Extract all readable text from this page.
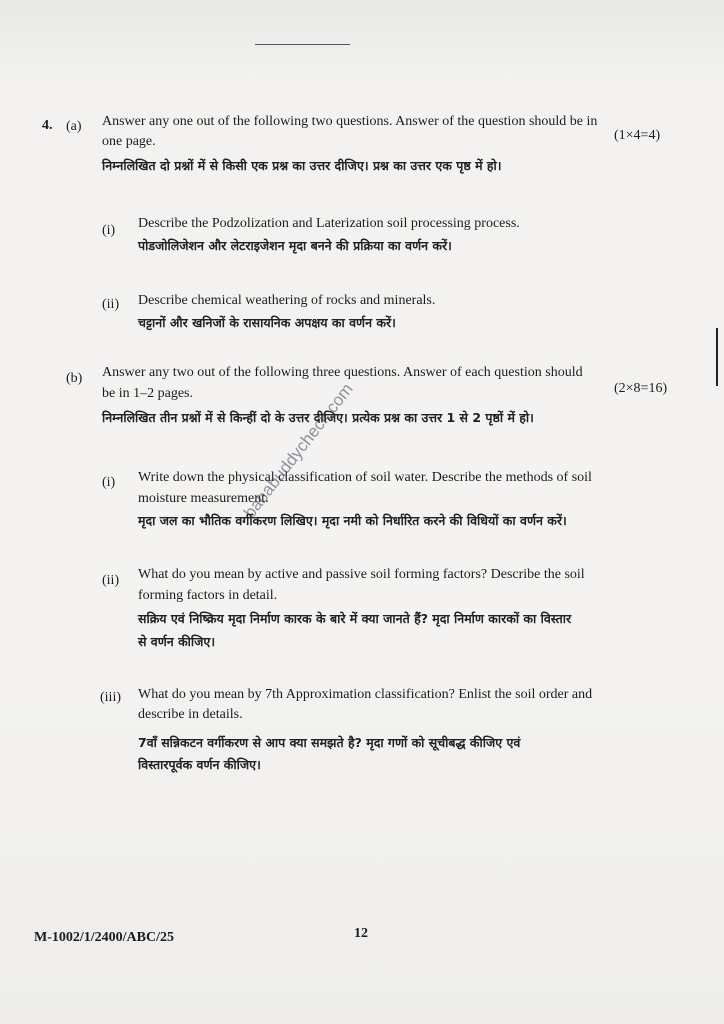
4. (a) Answer any one out of the following two questions. Answer of the question should be in
one page.	(1×4=4)
निम्नलिखित दो प्रश्नों में से किसी एक प्रश्न का उत्तर दीजिए। प्रश्न का उत्तर एक पृष्ठ में हो।
(i) Describe the Podzolization and Laterization soil processing process.
पोडजोलिजेशन और लेटराइजेशन मृदा बनने की प्रक्रिया का वर्णन करें।
(ii) Describe chemical weathering of rocks and minerals.
चट्टानों और खनिजों के रासायनिक अपक्षय का वर्णन करें।
(b) Answer any two out of the following three questions. Answer of each question should
be in 1–2 pages.	(2×8=16)
निम्नलिखित तीन प्रश्नों में से किन्हीं दो के उत्तर दीजिए। प्रत्येक प्रश्न का उत्तर 1 से 2 पृष्ठों में हो।
(i) Write down the physical classification of soil water. Describe the methods of soil
moisture measurement.
मृदा जल का भौतिक वर्गीकरण लिखिए। मृदा नमी को निर्धारित करने की विधियों का वर्णन करें।
(ii) What do you mean by active and passive soil forming factors? Describe the soil
forming factors in detail.
सक्रिय एवं निष्क्रिय मृदा निर्माण कारक के बारे में क्या जानते हैं? मृदा निर्माण कारकों का विस्तार
से वर्णन कीजिए।
(iii) What do you mean by 7th Approximation classification? Enlist the soil order and
describe in details.
7वाँ सन्निकटन वर्गीकरण से आप क्या समझते है? मृदा गणों को सूचीबद्ध कीजिए एवं
विस्तारपूर्वक वर्णन कीजिए।
bababuddycheck.com
M-1002/1/2400/ABC/25	12
